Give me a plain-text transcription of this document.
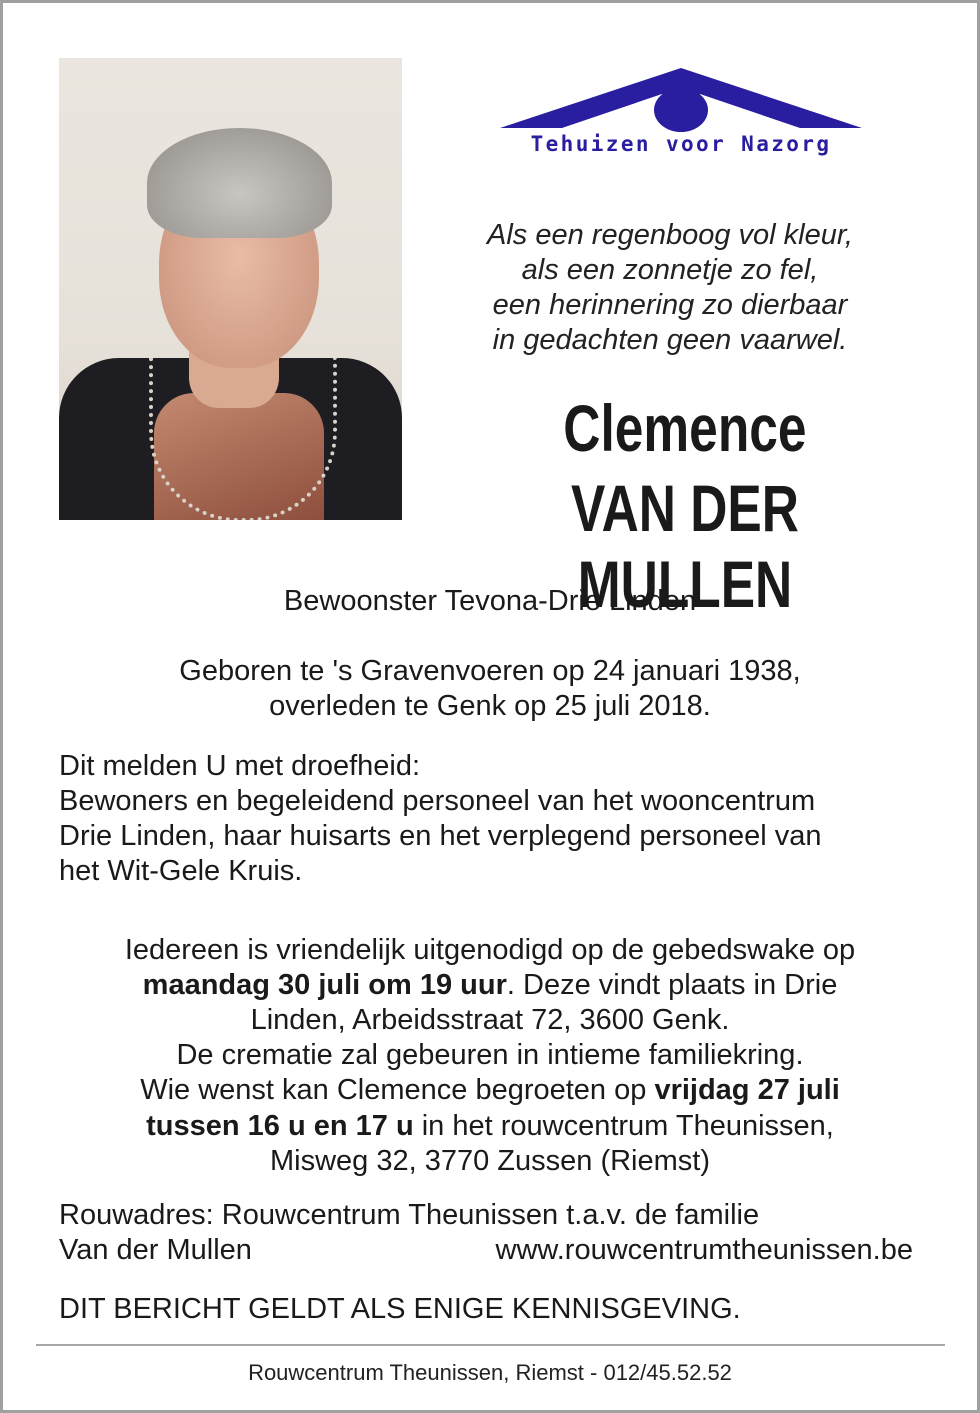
Tehuizen voor Nazorg
Als een regenboog vol kleur,
als een zonnetje zo fel,
een herinnering zo dierbaar
in gedachten geen vaarwel.
Clemence
VAN DER MULLEN
Bewoonster Tevona-Drie Linden
Geboren te 's Gravenvoeren op 24 januari 1938,
overleden te Genk op 25 juli 2018.
Dit melden U met droefheid:
Bewoners en begeleidend personeel van het wooncentrum
Drie Linden, haar huisarts en het verplegend personeel van
het Wit-Gele Kruis.
Iedereen is vriendelijk uitgenodigd op de gebedswake op
maandag 30 juli om 19 uur. Deze vindt plaats in Drie
Linden, Arbeidsstraat 72, 3600 Genk.
De crematie zal gebeuren in intieme familiekring.
Wie wenst kan Clemence begroeten op vrijdag 27 juli
tussen 16 u en 17 u in het rouwcentrum Theunissen,
Misweg 32, 3770 Zussen (Riemst)
Rouwadres: Rouwcentrum Theunissen t.a.v. de familie
Van der Mullen	www.rouwcentrumtheunissen.be
DIT BERICHT GELDT ALS ENIGE KENNISGEVING.
Rouwcentrum Theunissen, Riemst - 012/45.52.52
